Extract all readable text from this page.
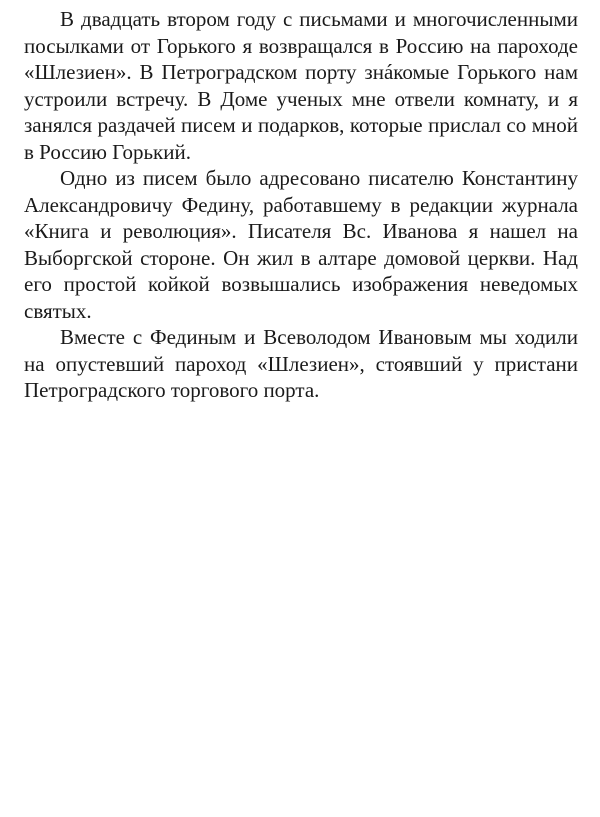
В двадцать втором году с письмами и многочисленными посылками от Горького я возвращался в Россию на пароходе «Шлезиен». В Петроградском порту знáкомые Горького нам устроили встречу. В Доме ученых мне отвели комнату, и я занялся раздачей писем и подарков, которые прислал со мной в Россию Горький.

Одно из писем было адресовано писателю Константину Александровичу Федину, работавшему в редакции журнала «Книга и революция». Писателя Вс. Иванова я нашел на Выборгской стороне. Он жил в алтаре домовой церкви. Над его простой койкой возвышались изображения неведомых святых.

Вместе с Фединым и Всеволодом Ивановым мы ходили на опустевший пароход «Шлезиен», стоявший у пристани Петроградского торгового порта.
